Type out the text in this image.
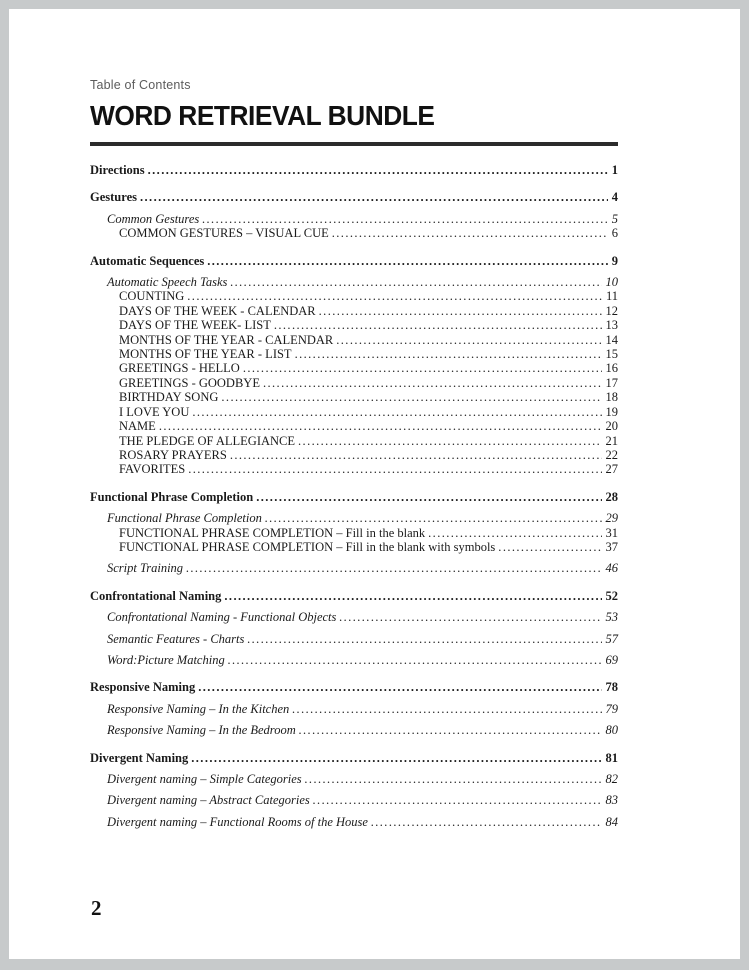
Table of Contents
WORD RETRIEVAL BUNDLE
Directions .....	1
Gestures .....	4
Common Gestures .....	5
COMMON GESTURES – VISUAL CUE .....	6
Automatic Sequences .....	9
Automatic Speech Tasks .....	10
COUNTING .....	11
DAYS OF THE WEEK - CALENDAR .....	12
DAYS OF THE WEEK- LIST .....	13
MONTHS OF THE YEAR - CALENDAR .....	14
MONTHS OF THE YEAR - LIST .....	15
GREETINGS - HELLO .....	16
GREETINGS - GOODBYE .....	17
BIRTHDAY SONG .....	18
I LOVE YOU .....	19
NAME .....	20
THE PLEDGE OF ALLEGIANCE .....	21
ROSARY PRAYERS .....	22
FAVORITES .....	27
Functional Phrase Completion .....	28
Functional Phrase Completion .....	29
FUNCTIONAL PHRASE COMPLETION – Fill in the blank .....	31
FUNCTIONAL PHRASE COMPLETION – Fill in the blank with symbols .....	37
Script Training .....	46
Confrontational Naming .....	52
Confrontational Naming - Functional Objects .....	53
Semantic Features - Charts .....	57
Word:Picture Matching .....	69
Responsive Naming .....	78
Responsive Naming – In the Kitchen .....	79
Responsive Naming – In the Bedroom .....	80
Divergent Naming .....	81
Divergent naming – Simple Categories .....	82
Divergent naming – Abstract Categories .....	83
Divergent naming – Functional Rooms of the House .....	84
2
